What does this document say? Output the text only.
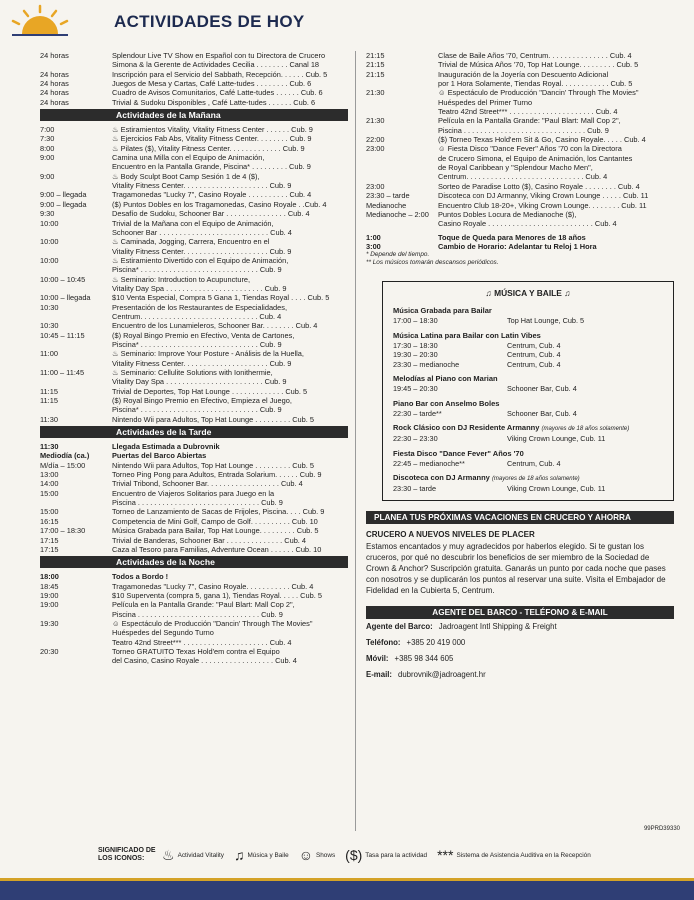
ACTIVIDADES DE HOY
24 horas	Splendour Live TV Show en Español con tu Directora de Crucero
Simona & la Gerente de Actividades Cecilia . . . . . . . . Canal 18
24 horas	Inscripción para el Servicio del Sabbath, Recepción. . . . . . Cub. 5
24 horas	Juegos de Mesa y Cartas, Café Latte-tudes . . . . . . . . Cub. 6
24 horas	Cuadro de Avisos Comunitarios, Café Latte-tudes . . . . . . Cub. 6
24 horas	Trivial & Sudoku Disponibles , Café Latte-tudes . . . . . . Cub. 6
Actividades de la Mañana
7:00	♨ Estiramientos Vitality, Vitality Fitness Center . . . . . . Cub. 9
7:30	♨ Ejercicios Fab Abs, Vitality Fitness Center. . . . . . . . Cub. 9
8:00	♨ Pilates ($), Vitality Fitness Center. . . . . . . . . . . . . Cub. 9
9:00	Camina una Milla con el Equipo de Animación,
Encuentro en la Pantalla Grande, Piscina* . . . . . . . . . Cub. 9
9:00	♨ Body Sculpt Boot Camp Sesión 1 de 4 ($),
Vitality Fitness Center. . . . . . . . . . . . . . . . . . . . . Cub. 9
9:00 – llegada	Tragamonedas "Lucky 7", Casino Royale . . . . . . . . . . Cub. 4
9:00 – llegada	($) Puntos Dobles en los Tragamonedas, Casino Royale . .Cub. 4
9:30	Desafío de Sudoku, Schooner Bar . . . . . . . . . . . . . . . Cub. 4
10:00	Trivial de la Mañana con el Equipo de Animación,
Schooner Bar . . . . . . . . . . . . . . . . . . . . . . . . . . . Cub. 4
10:00	♨ Caminada, Jogging, Carrera, Encuentro en el
Vitality Fitness Center. . . . . . . . . . . . . . . . . . . . . Cub. 9
10:00	♨ Estiramiento Divertido con el Equipo de Animación,
Piscina* . . . . . . . . . . . . . . . . . . . . . . . . . . . . . Cub. 9
10:00 – 10:45	♨ Seminario: Introduction to Acupuncture,
Vitality Day Spa . . . . . . . . . . . . . . . . . . . . . . . . Cub. 9
10:00 – llegada	$10 Venta Especial, Compra 5 Gana 1, Tiendas Royal . . . . Cub. 5
10:30	Presentación de los Restaurantes de Especialidades,
Centrum. . . . . . . . . . . . . . . . . . . . . . . . . . . . . Cub. 4
10:30	Encuentro de los Lunamieleros, Schooner Bar. . . . . . . . Cub. 4
10:45 – 11:15	($) Royal Bingo Premio en Efectivo, Venta de Cartones,
Piscina* . . . . . . . . . . . . . . . . . . . . . . . . . . . . . Cub. 9
11:00	♨ Seminario: Improve Your Posture - Análisis de la Huella,
Vitality Fitness Center. . . . . . . . . . . . . . . . . . . . . Cub. 9
11:00 – 11:45	♨ Seminario: Cellulite Solutions with Ionithermie,
Vitality Day Spa . . . . . . . . . . . . . . . . . . . . . . . . Cub. 9
11:15	Trivial de Deportes, Top Hat Lounge . . . . . . . . . . . . . Cub. 5
11:15	($) Royal Bingo Premio en Efectivo, Empieza el Juego,
Piscina* . . . . . . . . . . . . . . . . . . . . . . . . . . . . . Cub. 9
11:30	Nintendo Wii para Adultos, Top Hat Lounge . . . . . . . . . Cub. 5
Actividades de la Tarde
11:30	Llegada Estimada a Dubrovnik
Mediodía (ca.)	Puertas del Barco Abiertas
M/día – 15:00	Nintendo Wii para Adultos, Top Hat Lounge . . . . . . . . . Cub. 5
13:00	Torneo Ping Pong para Adultos, Entrada Solarium. . . . . . Cub. 9
14:00	Trivial Tribond, Schooner Bar. . . . . . . . . . . . . . . . . . Cub. 4
15:00	Encuentro de Viajeros Solitarios para Juego en la
Piscina . . . . . . . . . . . . . . . . . . . . . . . . . . . . . . Cub. 9
15:00	Torneo de Lanzamiento de Sacas de Frijoles, Piscina. . . . Cub. 9
16:15	Competencia de Mini Golf, Campo de Golf. . . . . . . . . . Cub. 10
17:00 – 18:30	Música Grabada para Bailar, Top Hat Lounge. . . . . . . . . Cub. 5
17:15	Trivial de Banderas, Schooner Bar . . . . . . . . . . . . . . Cub. 4
17:15	Caza al Tesoro para Familias, Adventure Ocean . . . . . . Cub. 10
Actividades de la Noche
18:00	Todos a Bordo !
18:45	Tragamonedas "Lucky 7", Casino Royale. . . . . . . . . . . Cub. 4
19:00	$10 Superventa (compra 5, gana 1), Tiendas Royal. . . . . Cub. 5
19:00	Película en la Pantalla Grande: "Paul Blart: Mall Cop 2",
Piscina . . . . . . . . . . . . . . . . . . . . . . . . . . . . . . Cub. 9
19:30	☺ Espectáculo de Producción "Dancin' Through The Movies"
Huéspedes del Segundo Turno
Teatro 42nd Street*** . . . . . . . . . . . . . . . . . . . . . Cub. 4
20:30	Torneo GRATUITO Texas Hold'em contra el Equipo
del Casino, Casino Royale . . . . . . . . . . . . . . . . . . Cub. 4
21:15	Clase de Baile Años '70, Centrum. . . . . . . . . . . . . . . Cub. 4
21:15	Trivial de Música Años '70, Top Hat Lounge. . . . . . . . . Cub. 5
21:15	Inauguración de la Joyería con Descuento Adicional
por 1 Hora Solamente, Tiendas Royal. . . . . . . . . . . . Cub. 5
21:30	☺ Espectáculo de Producción "Dancin' Through The Movies"
Huéspedes del Primer Turno
Teatro 42nd Street*** . . . . . . . . . . . . . . . . . . . . . Cub. 4
21:30	Película en la Pantalla Grande: "Paul Blart: Mall Cop 2",
Piscina . . . . . . . . . . . . . . . . . . . . . . . . . . . . . . Cub. 9
22:00	($) Torneo Texas Hold'em Sit & Go, Casino Royale. . . . . Cub. 4
23:00	☺ Fiesta Disco "Dance Fever" Años '70 con la Directora
de Crucero Simona, el Equipo de Animación, los Cantantes
de Royal Caribbean y "Splendour Macho Men",
Centrum. . . . . . . . . . . . . . . . . . . . . . . . . . . . . Cub. 4
23:00	Sorteo de Paradise Lotto ($), Casino Royale . . . . . . . . Cub. 4
23:30 – tarde	Discoteca con DJ Armanny, Viking Crown Lounge . . . . . Cub. 11
Medianoche	Encuentro Club 18-20+, Viking Crown Lounge. . . . . . . . Cub. 11
Medianoche – 2:00	Puntos Dobles Locura de Medianoche ($),
Casino Royale . . . . . . . . . . . . . . . . . . . . . . . . . . Cub. 4
1:00	Toque de Queda para Menores de 18 años
3:00	Cambio de Horario: Adelantar tu Reloj 1 Hora
* Depende del tiempo.
** Los músicos tomarán descansos periódicos.
♫ MÚSICA Y BAILE ♫
Música Grabada para Bailar
17:00 – 18:30	Top Hat Lounge, Cub. 5
Música Latina para Bailar con Latin Vibes
17:30 – 18:30	Centrum, Cub. 4
19:30 – 20:30	Centrum, Cub. 4
23:30 – medianoche	Centrum, Cub. 4
Melodías al Piano con Marian
19:45 – 20:30	Schooner Bar, Cub. 4
Piano Bar con Anselmo Boles
22:30 – tarde**	Schooner Bar, Cub. 4
Rock Clásico con DJ Residente Armanny (mayores de 18 años solamente)
22:30 – 23:30	Viking Crown Lounge, Cub. 11
Fiesta Disco "Dance Fever" Años '70
22:45 – medianoche**	Centrum, Cub. 4
Discoteca con DJ Armanny (mayores de 18 años solamente)
23:30 – tarde	Viking Crown Lounge, Cub. 11
PLANEA TUS PRÓXIMAS VACACIONES EN CRUCERO Y AHORRA
CRUCERO A NUEVOS NIVELES DE PLACER
Estamos encantados y muy agradecidos por haberlos elegido. Si te gustan los cruceros, por qué no descubrir los beneficios de ser miembro de la Sociedad de Crown & Anchor? Suscripción gratuita. Ganarás un punto por cada noche que pases con nosotros y se duplicarán los puntos al reservar una suite. Visita el Embajador de Fidelidad en la Cubierta 5, Centrum.
AGENTE DEL BARCO - TELÉFONO & E-MAIL
Agente del Barco: Jadroagent Intl Shipping & Freight
Teléfono: +385 20 419 000
Móvil: +385 98 344 605
E-mail: dubrovnik@jadroagent.hr
99PRD39330
SIGNIFICADO DE LOS ICONOS:	♨ Actividad Vitality ♫ Música y Baile ☺ Shows ($) Tasa para la actividad *** Sistema de Asistencia Auditiva en la Recepción
